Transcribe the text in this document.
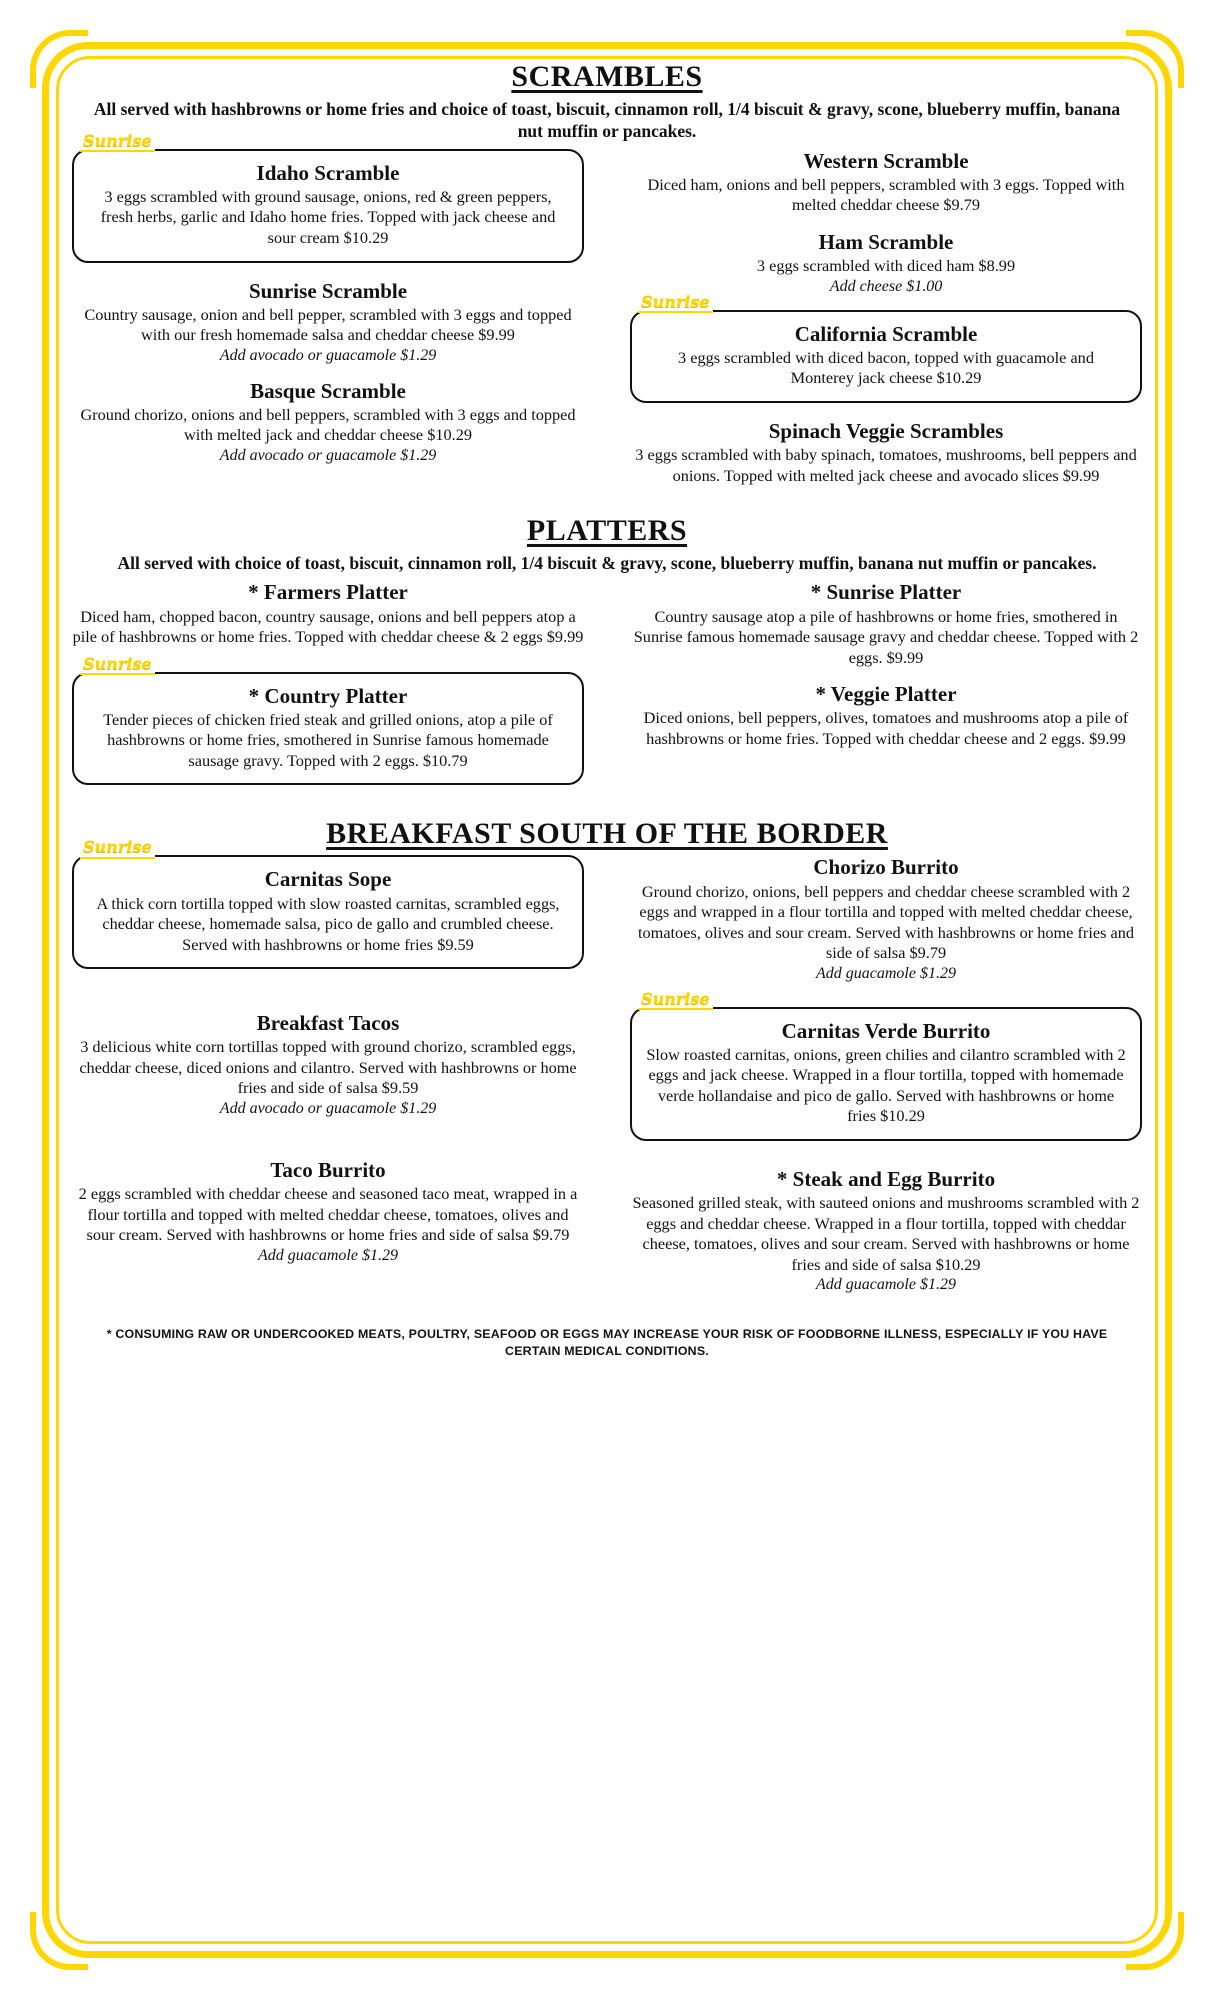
SCRAMBLES

All served with hashbrowns or home fries and choice of toast, biscuit, cinnamon roll, 1/4 biscuit & gravy, scone, blueberry muffin, banana nut muffin or pancakes.

Sunrise
Idaho Scramble
3 eggs scrambled with ground sausage, onions, red & green peppers, fresh herbs, garlic and Idaho home fries. Topped with jack cheese and sour cream $10.29
Sunrise Scramble
Country sausage, onion and bell pepper, scrambled with 3 eggs and topped with our fresh homemade salsa and cheddar cheese $9.99
Add avocado or guacamole $1.29
Basque Scramble
Ground chorizo, onions and bell peppers, scrambled with 3 eggs and topped with melted jack and cheddar cheese $10.29
Add avocado or guacamole $1.29
Western Scramble
Diced ham, onions and bell peppers, scrambled with 3 eggs. Topped with melted cheddar cheese $9.79
Ham Scramble
3 eggs scrambled with diced ham $8.99
Add cheese $1.00
Sunrise
California Scramble
3 eggs scrambled with diced bacon, topped with guacamole and Monterey jack cheese $10.29
Spinach Veggie Scrambles
3 eggs scrambled with baby spinach, tomatoes, mushrooms, bell peppers and onions. Topped with melted jack cheese and avocado slices $9.99
PLATTERS

All served with choice of toast, biscuit, cinnamon roll, 1/4 biscuit & gravy, scone, blueberry muffin, banana nut muffin or pancakes.

* Farmers Platter
Diced ham, chopped bacon, country sausage, onions and bell peppers atop a pile of hashbrowns or home fries. Topped with cheddar cheese & 2 eggs $9.99
Sunrise
* Country Platter
Tender pieces of chicken fried steak and grilled onions, atop a pile of hashbrowns or home fries, smothered in Sunrise famous homemade sausage gravy. Topped with 2 eggs. $10.79
* Sunrise Platter
Country sausage atop a pile of hashbrowns or home fries, smothered in Sunrise famous homemade sausage gravy and cheddar cheese. Topped with 2 eggs. $9.99
* Veggie Platter
Diced onions, bell peppers, olives, tomatoes and mushrooms atop a pile of hashbrowns or home fries. Topped with cheddar cheese and 2 eggs. $9.99
BREAKFAST SOUTH OF THE BORDER
Sunrise
Carnitas Sope
A thick corn tortilla topped with slow roasted carnitas, scrambled eggs, cheddar cheese, homemade salsa, pico de gallo and crumbled cheese. Served with hashbrowns or home fries $9.59
Breakfast Tacos
3 delicious white corn tortillas topped with ground chorizo, scrambled eggs, cheddar cheese, diced onions and cilantro. Served with hashbrowns or home fries and side of salsa $9.59
Add avocado or guacamole $1.29
Taco Burrito
2 eggs scrambled with cheddar cheese and seasoned taco meat, wrapped in a flour tortilla and topped with melted cheddar cheese, tomatoes, olives and sour cream. Served with hashbrowns or home fries and side of salsa $9.79
Add guacamole $1.29
Chorizo Burrito
Ground chorizo, onions, bell peppers and cheddar cheese scrambled with 2 eggs and wrapped in a flour tortilla and topped with melted cheddar cheese, tomatoes, olives and sour cream. Served with hashbrowns or home fries and side of salsa $9.79
Add guacamole $1.29
Sunrise
Carnitas Verde Burrito
Slow roasted carnitas, onions, green chilies and cilantro scrambled with 2 eggs and jack cheese. Wrapped in a flour tortilla, topped with homemade verde hollandaise and pico de gallo. Served with hashbrowns or home fries $10.29
* Steak and Egg Burrito
Seasoned grilled steak, with sauteed onions and mushrooms scrambled with 2 eggs and cheddar cheese. Wrapped in a flour tortilla, topped with cheddar cheese, tomatoes, olives and sour cream. Served with hashbrowns or home fries and side of salsa $10.29
Add guacamole $1.29

* CONSUMING RAW OR UNDERCOOKED MEATS, POULTRY, SEAFOOD OR EGGS MAY INCREASE YOUR RISK OF FOODBORNE ILLNESS, ESPECIALLY IF YOU HAVE CERTAIN MEDICAL CONDITIONS.
